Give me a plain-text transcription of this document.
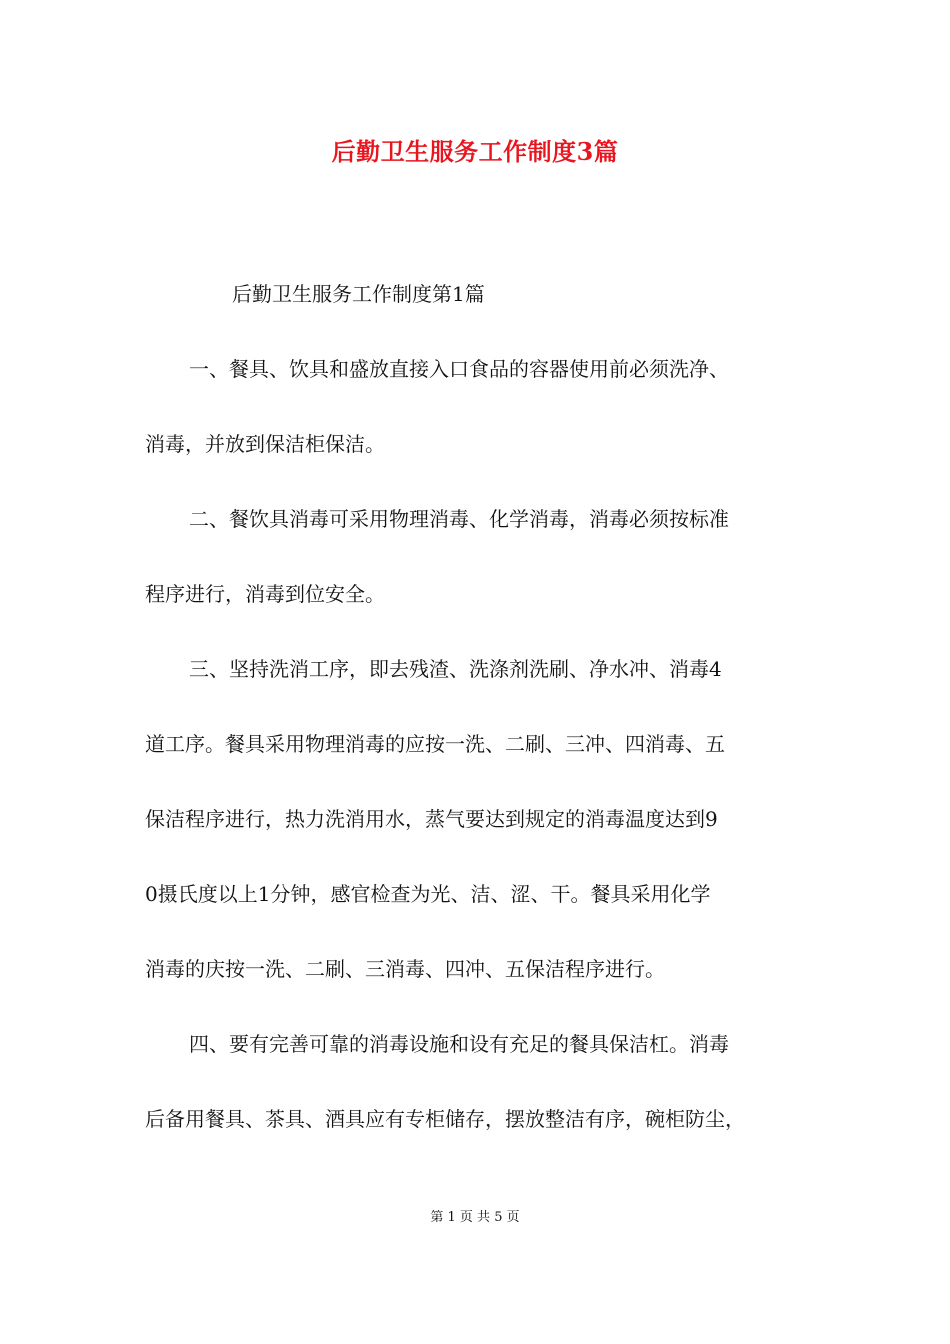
后勤卫生服务工作制度3篇
后勤卫生服务工作制度第1篇
一、餐具、饮具和盛放直接入口食品的容器使用前必须洗净、
消毒，并放到保洁柜保洁。
二、餐饮具消毒可采用物理消毒、化学消毒，消毒必须按标准
程序进行，消毒到位安全。
三、坚持洗消工序，即去残渣、洗涤剂洗刷、净水冲、消毒4
道工序。餐具采用物理消毒的应按一洗、二刷、三冲、四消毒、五
保洁程序进行，热力洗消用水，蒸气要达到规定的消毒温度达到9
0摄氏度以上1分钟，感官检查为光、洁、涩、干。餐具采用化学
消毒的庆按一洗、二刷、三消毒、四冲、五保洁程序进行。
四、要有完善可靠的消毒设施和设有充足的餐具保洁杠。消毒
后备用餐具、茶具、酒具应有专柜储存，摆放整洁有序，碗柜防尘，
第 1 页 共 5 页
